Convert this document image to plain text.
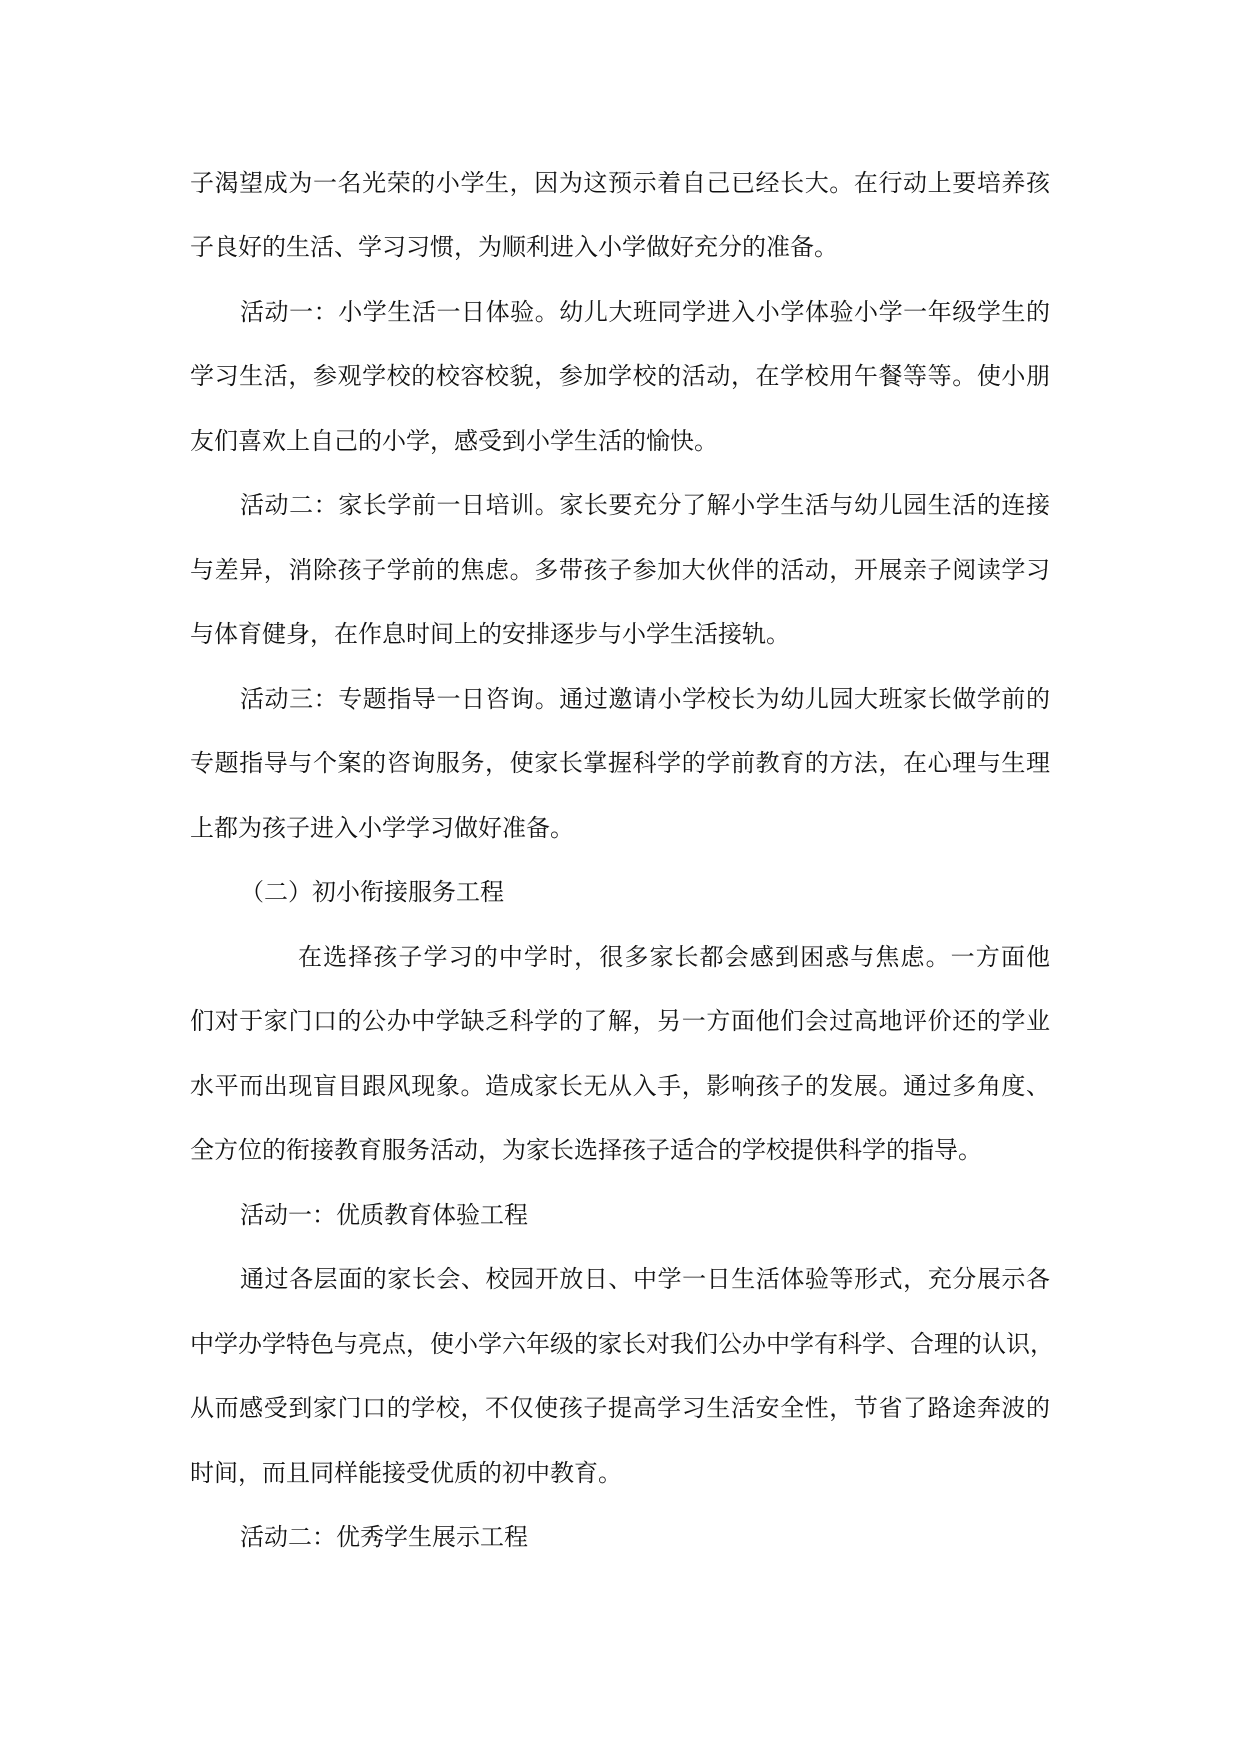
子渴望成为一名光荣的小学生，因为这预示着自己已经长大。在行动上要培养孩
子良好的生活、学习习惯，为顺利进入小学做好充分的准备。
活动一：小学生活一日体验。幼儿大班同学进入小学体验小学一年级学生的
学习生活，参观学校的校容校貌，参加学校的活动，在学校用午餐等等。使小朋
友们喜欢上自己的小学，感受到小学生活的愉快。
活动二：家长学前一日培训。家长要充分了解小学生活与幼儿园生活的连接
与差异，消除孩子学前的焦虑。多带孩子参加大伙伴的活动，开展亲子阅读学习
与体育健身，在作息时间上的安排逐步与小学生活接轨。
活动三：专题指导一日咨询。通过邀请小学校长为幼儿园大班家长做学前的
专题指导与个案的咨询服务，使家长掌握科学的学前教育的方法，在心理与生理
上都为孩子进入小学学习做好准备。
（二）初小衔接服务工程
在选择孩子学习的中学时，很多家长都会感到困惑与焦虑。一方面他
们对于家门口的公办中学缺乏科学的了解，另一方面他们会过高地评价还的学业
水平而出现盲目跟风现象。造成家长无从入手，影响孩子的发展。通过多角度、
全方位的衔接教育服务活动，为家长选择孩子适合的学校提供科学的指导。
活动一：优质教育体验工程
通过各层面的家长会、校园开放日、中学一日生活体验等形式，充分展示各
中学办学特色与亮点，使小学六年级的家长对我们公办中学有科学、合理的认识，
从而感受到家门口的学校，不仅使孩子提高学习生活安全性，节省了路途奔波的
时间，而且同样能接受优质的初中教育。
活动二：优秀学生展示工程
